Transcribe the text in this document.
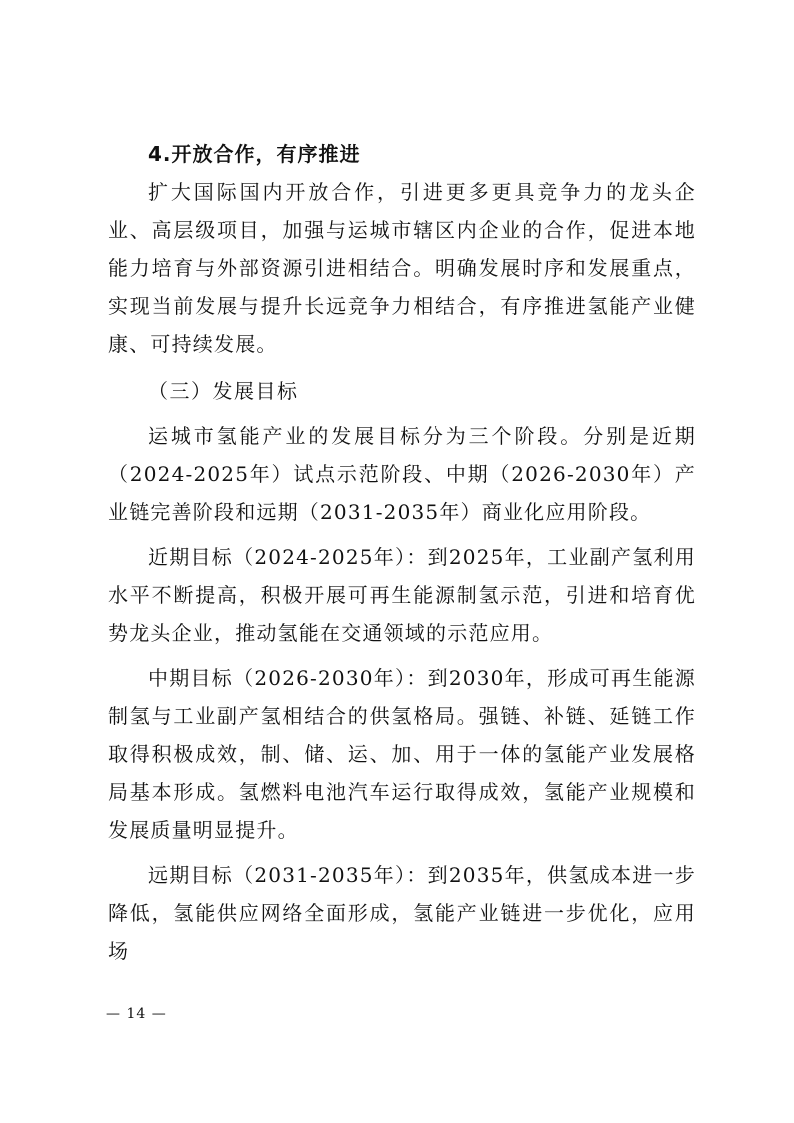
4.开放合作，有序推进

扩大国际国内开放合作，引进更多更具竞争力的龙头企业、高层级项目，加强与运城市辖区内企业的合作，促进本地能力培育与外部资源引进相结合。明确发展时序和发展重点，实现当前发展与提升长远竞争力相结合，有序推进氢能产业健康、可持续发展。

（三）发展目标

运城市氢能产业的发展目标分为三个阶段。分别是近期（2024-2025年）试点示范阶段、中期（2026-2030年）产业链完善阶段和远期（2031-2035年）商业化应用阶段。

近期目标（2024-2025年）：到2025年，工业副产氢利用水平不断提高，积极开展可再生能源制氢示范，引进和培育优势龙头企业，推动氢能在交通领域的示范应用。

中期目标（2026-2030年）：到2030年，形成可再生能源制氢与工业副产氢相结合的供氢格局。强链、补链、延链工作取得积极成效，制、储、运、加、用于一体的氢能产业发展格局基本形成。氢燃料电池汽车运行取得成效，氢能产业规模和发展质量明显提升。

远期目标（2031-2035年）：到2035年，供氢成本进一步降低，氢能供应网络全面形成，氢能产业链进一步优化，应用场

— 14 —
